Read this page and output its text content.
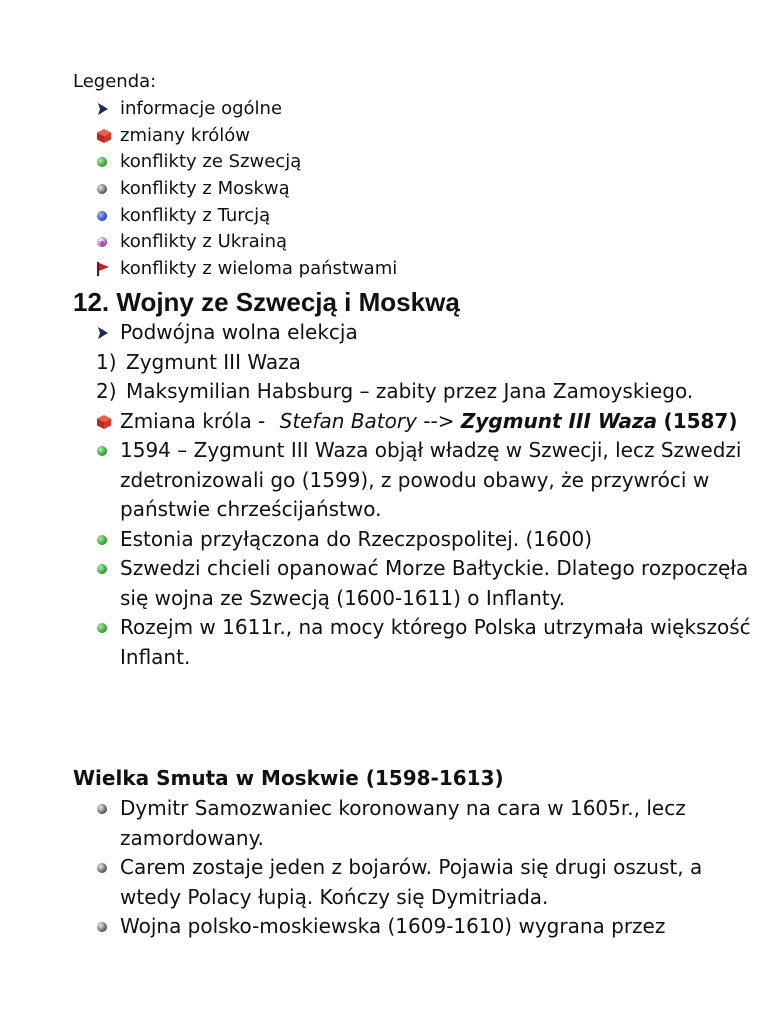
Legenda:
informacje ogólne
zmiany królów
konflikty ze Szwecją
konflikty z Moskwą
konflikty z Turcją
konflikty z Ukrainą
konflikty z wieloma państwami
12. Wojny ze Szwecją i Moskwą
Podwójna wolna elekcja
1) Zygmunt III Waza
2) Maksymilian Habsburg – zabity przez Jana Zamoyskiego.
Zmiana króla - Stefan Batory --> Zygmunt III Waza (1587)
1594 – Zygmunt III Waza objął władzę w Szwecji, lecz Szwedzi zdetronizowali go (1599), z powodu obawy, że przywróci w państwie chrześcijaństwo.
Estonia przyłączona do Rzeczpospolitej. (1600)
Szwedzi chcieli opanować Morze Bałtyckie. Dlatego rozpoczęła się wojna ze Szwecją (1600-1611) o Inflanty.
Rozejm w 1611r., na mocy którego Polska utrzymała większość Inflant.
Wielka Smuta w Moskwie (1598-1613)
Dymitr Samozwaniec koronowany na cara w 1605r., lecz zamordowany.
Carem zostaje jeden z bojarów. Pojawia się drugi oszust, a wtedy Polacy łupią. Kończy się Dymitriada.
Wojna polsko-moskiewska (1609-1610) wygrana przez
